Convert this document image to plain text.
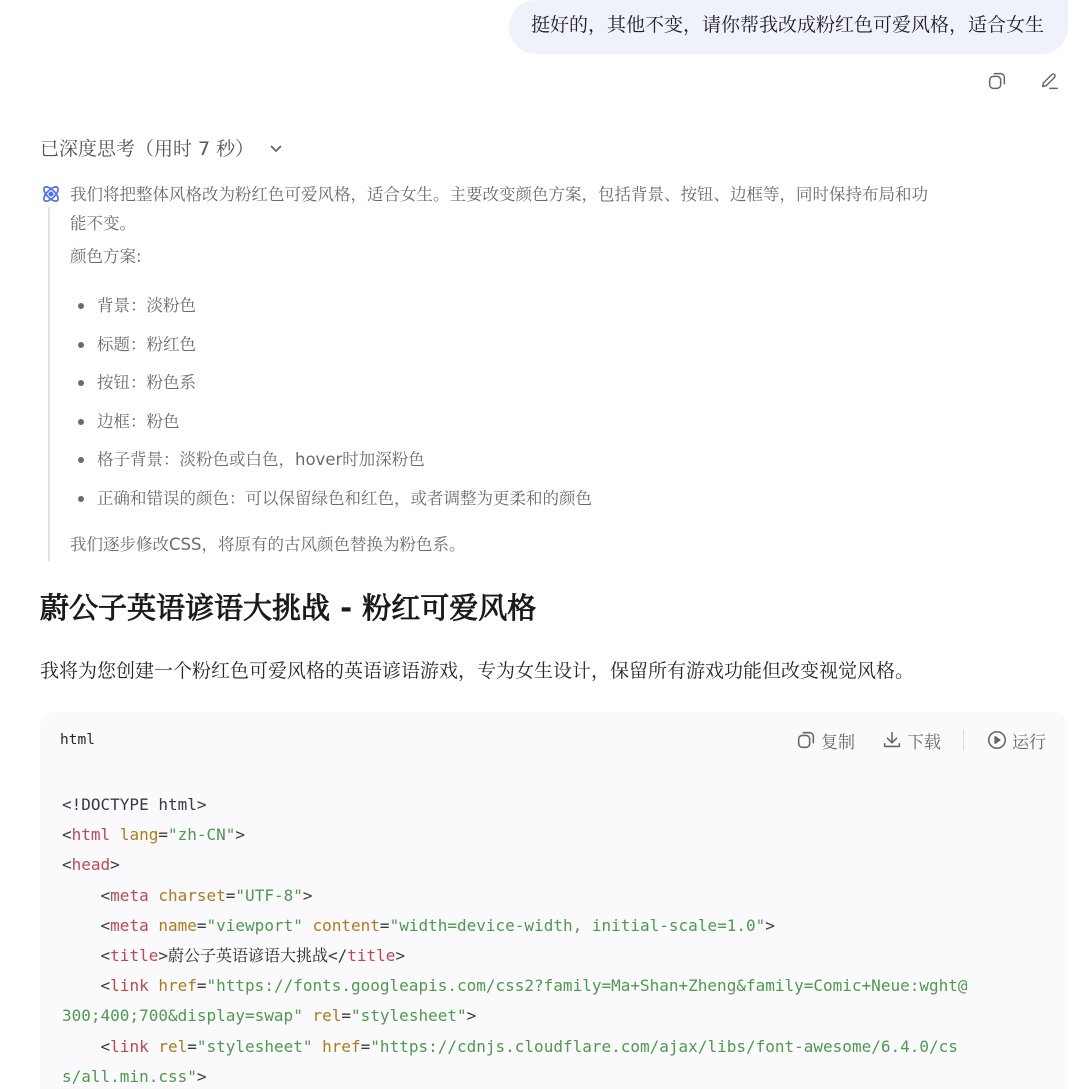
挺好的，其他不变，请你帮我改成粉红色可爱风格，适合女生
已深度思考（用时 7 秒）
我们将把整体风格改为粉红色可爱风格，适合女生。主要改变颜色方案，包括背景、按钮、边框等，同时保持布局和功
能不变。
颜色方案:
背景：淡粉色
标题：粉红色
按钮：粉色系
边框：粉色
格子背景：淡粉色或白色，hover时加深粉色
正确和错误的颜色：可以保留绿色和红色，或者调整为更柔和的颜色
我们逐步修改CSS，将原有的古风颜色替换为粉色系。
蔚公子英语谚语大挑战 - 粉红可爱风格

我将为您创建一个粉红色可爱风格的英语谚语游戏，专为女生设计，保留所有游戏功能但改变视觉风格。

html	复制	下载	运行
<!DOCTYPE html>
<html lang="zh-CN">
<head>
<meta charset="UTF-8">
<meta name="viewport" content="width=device-width, initial-scale=1.0">
<title>蔚公子英语谚语大挑战</title>
<link href="https://fonts.googleapis.com/css2?family=Ma+Shan+Zheng&family=Comic+Neue:wght@
300;400;700&display=swap" rel="stylesheet">
<link rel="stylesheet" href="https://cdnjs.cloudflare.com/ajax/libs/font-awesome/6.4.0/cs
s/all.min.css">
